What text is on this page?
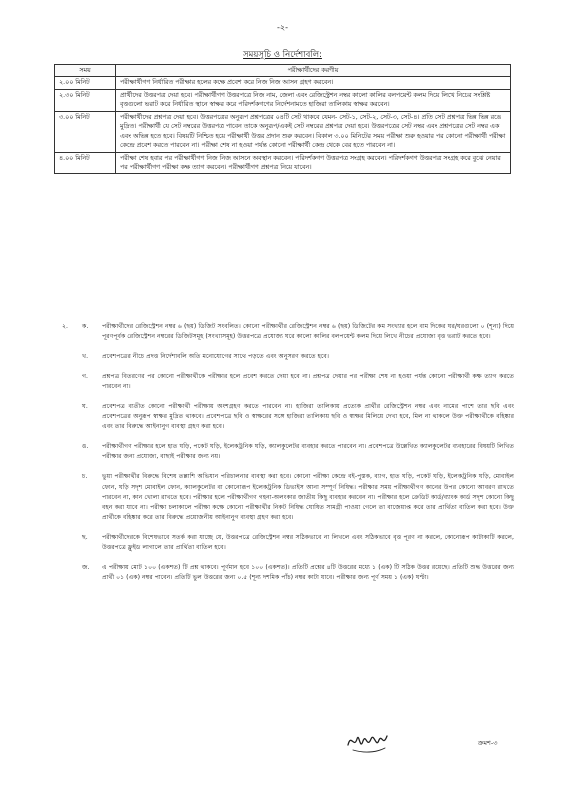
-২-
সময়সূচি ও নির্দেশাবলি:
সময়	পরীক্ষার্থীদের করণীয়
২.০০ মিনিট	পরীক্ষার্থীগণ নির্ধারিত পরীক্ষার হলের কক্ষে প্রবেশ করে নিজ নিজ আসন গ্রহণ করবেন।
২.৩০ মিনিট	প্রার্থীদের উত্তরপত্র দেয়া হবে। পরীক্ষার্থীগণ উত্তরপত্রে নিজ নাম, জেলা এবং রেজিস্ট্রেশন নম্বর কালো কালির বলপয়েন্ট কলম দিয়ে লিখে নিচের সংশ্লিষ্ট বৃত্তগুলো ভরাট করে নির্ধারিত স্থানে স্বাক্ষর করে পরিদর্শকগণের নির্দেশনামতে হাজিরা তালিকায় স্বাক্ষর করবেন।
৩.০০ মিনিট	পরীক্ষার্থীদের প্রশ্নপত্র দেয়া হবে। উত্তরপত্রের অনুরূপ প্রশ্নপত্রের ০৪টি সেট থাকবে যেমন- সেট-১, সেট-২, সেট-৩, সেট-৪। প্রতি সেট প্রশ্নপত্র ভিন্ন ভিন্ন রঙে মুদ্রিত। পরীক্ষার্থী যে সেট নম্বরের উত্তরপত্র পাবেন তাকে অনুরূপ/একই সেট নম্বরের প্রশ্নপত্র দেয়া হবে। উত্তরপত্রের সেট নম্বর এবং প্রশ্নপত্রের সেট নম্বর এক এবং অভিন্ন হতে হবে। বিষয়টি নিশ্চিত হয়ে পরীক্ষার্থী উত্তর প্রদান শুরু করবেন। বিকাল ৩.০০ মিনিটের সময় পরীক্ষা শুরু হওয়ার পর কোনো পরীক্ষার্থী পরীক্ষা কেন্দ্রে প্রবেশ করতে পারবেন না। পরীক্ষা শেষ না হওয়া পর্যন্ত কোনো পরীক্ষার্থী কেন্দ্র থেকে বের হতে পারবেন না।
৪.০০ মিনিট	পরীক্ষা শেষ হবার পর পরীক্ষার্থীগণ নিজ নিজ আসনে অবস্থান করবেন। পরিদর্শকগণ উত্তরপত্র সংগ্রহ করবেন। পরিদর্শকগণ উত্তরপত্র সংগ্রহ করে বুঝে নেয়ার পর পরীক্ষার্থীগণ পরীক্ষা কক্ষ ত্যাগ করবেন। পরীক্ষার্থীগণ প্রশ্নপত্র নিয়ে যাবেন।
২. ক. পরীক্ষার্থীদের রেজিস্ট্রেশন নম্বর ৬ (ছয়) ডিজিট সংবলিত। কোনো পরীক্ষার্থীর রেজিস্ট্রেশন নম্বর ৬ (ছয়) ডিজিটের কম সংখ্যার হলে বাম দিকের ঘর/ঘরগুলো ০ (শূন্য) দিয়ে পূরণপূর্বক রেজিস্ট্রেশন নম্বরের ডিজিটসমূহ (সংখ্যাসমূহ) উত্তরপত্রে প্রযোজ্য ঘরে কালো কালির বলপয়েন্ট কলম দিয়ে লিখে নীচের প্রযোজ্য বৃত্ত ভরাট করতে হবে।
খ. প্রবেশপত্রের নীচে প্রদত্ত নির্দেশাবলি অতি মনোযোগের সাথে পড়তে এবং অনুসরণ করতে হবে।
গ. প্রশ্নপত্র বিতরণের পর কোনো পরীক্ষার্থীকে পরীক্ষার হলে প্রবেশ করতে দেয়া হবে না। প্রশ্নপত্র দেয়ার পর পরীক্ষা শেষ না হওয়া পর্যন্ত কোনো পরীক্ষার্থী কক্ষ ত্যাগ করতে পারবেন না।
ঘ. প্রবেশপত্র ব্যতীত কোনো পরীক্ষার্থী পরীক্ষায় অংশগ্রহণ করতে পারবেন না। হাজিরা তালিকায় প্রত্যেক প্রার্থীর রেজিস্ট্রেশন নম্বর এবং নামের পাশে তার ছবি এবং প্রবেশপত্রের অনুরূপ স্বাক্ষর মুদ্রিত থাকবে। প্রবেশপত্রে ছবি ও স্বাক্ষরের সঙ্গে হাজিরা তালিকায় ছবি ও স্বাক্ষর মিলিয়ে দেখা হবে, মিল না থাকলে উক্ত পরীক্ষার্থীকে বহিষ্কার এবং তার বিরুদ্ধে আইনানুগ ব্যবস্থা গ্রহণ করা হবে।
ঙ. পরীক্ষার্থীগণ পরীক্ষার হলে হাত ঘড়ি, পকেট ঘড়ি, ইলেকট্রনিক ঘড়ি, ক্যালকুলেটর ব্যবহার করতে পারবেন না। প্রবেশপত্রে উল্লেখিত ক্যালকুলেটর ব্যবহারের বিষয়টি লিখিত পরীক্ষার জন্য প্রযোজ্য, বাছাই পরীক্ষার জন্য নয়।
চ. ভুয়া পরীক্ষার্থীর বিরুদ্ধে বিশেষ তল্লাশি অভিযান পরিচালনার ব্যবস্থা করা হবে। কোনো পরীক্ষা কেন্দ্রে বই-পুস্তক, ব্যাগ, হাত ঘড়ি, পকেট ঘড়ি, ইলেকট্রনিক ঘড়ি, মোবাইল ফোন, ঘড়ি সদৃশ মোবাইল ফোন, ক্যালকুলেটর বা কোনোরূপ ইলেকট্রনিক ডিভাইস আনা সম্পূর্ণ নিষিদ্ধ। পরীক্ষার সময় পরীক্ষার্থীগণ কানের উপর কোনো আবরণ রাখতে পারবেন না, কান খোলা রাখতে হবে। পরীক্ষার হলে পরীক্ষার্থীগণ গহনা-অলংকার জাতীয় কিছু ব্যবহার করবেন না। পরীক্ষার হলে ক্রেডিট কার্ড/ব্যাংক কার্ড সদৃশ কোনো কিছু বহন করা যাবে না। পরীক্ষা চলাকালে পরীক্ষা কক্ষে কোনো পরীক্ষার্থীর নিকট নিষিদ্ধ ঘোষিত সামগ্রী পাওয়া গেলে তা বাজেয়াপ্ত করে তার প্রার্থিতা বাতিল করা হবে। উক্ত প্রার্থীকে বহিষ্কার করে তার বিরুদ্ধে প্রয়োজনীয় আইনানুগ ব্যবস্থা গ্রহণ করা হবে।
ছ. পরীক্ষার্থীদেরকে বিশেষভাবে সতর্ক করা যাচ্ছে যে, উত্তরপত্রে রেজিস্ট্রেশন নম্বর সঠিকভাবে না লিখলে এবং সঠিকভাবে বৃত্ত পূরণ না করলে, কোনোরূপ কাটাকাটি করলে, উত্তরপত্রে ফ্লুইড লাগালে তার প্রার্থিতা বাতিল হবে।
জ. এ পরীক্ষায় মোট ১০০ (একশত) টি প্রশ্ন থাকবে। পূর্ণমান হবে ১০০ (একশত)। প্রতিটি প্রশ্নের ৪টি উত্তরের মধ্যে ১ (এক) টি সঠিক উত্তর রয়েছে। প্রতিটি শুদ্ধ উত্তরের জন্য প্রার্থী ০১ (এক) নম্বর পাবেন। প্রতিটি ভুল উত্তরের জন্য ০.৫ (শূন্য দশমিক পাঁচ) নম্বর কাটা যাবে। পরীক্ষার জন্য পূর্ণ সময় ১ (এক) ঘণ্টা।
ক্রমশ-৩
